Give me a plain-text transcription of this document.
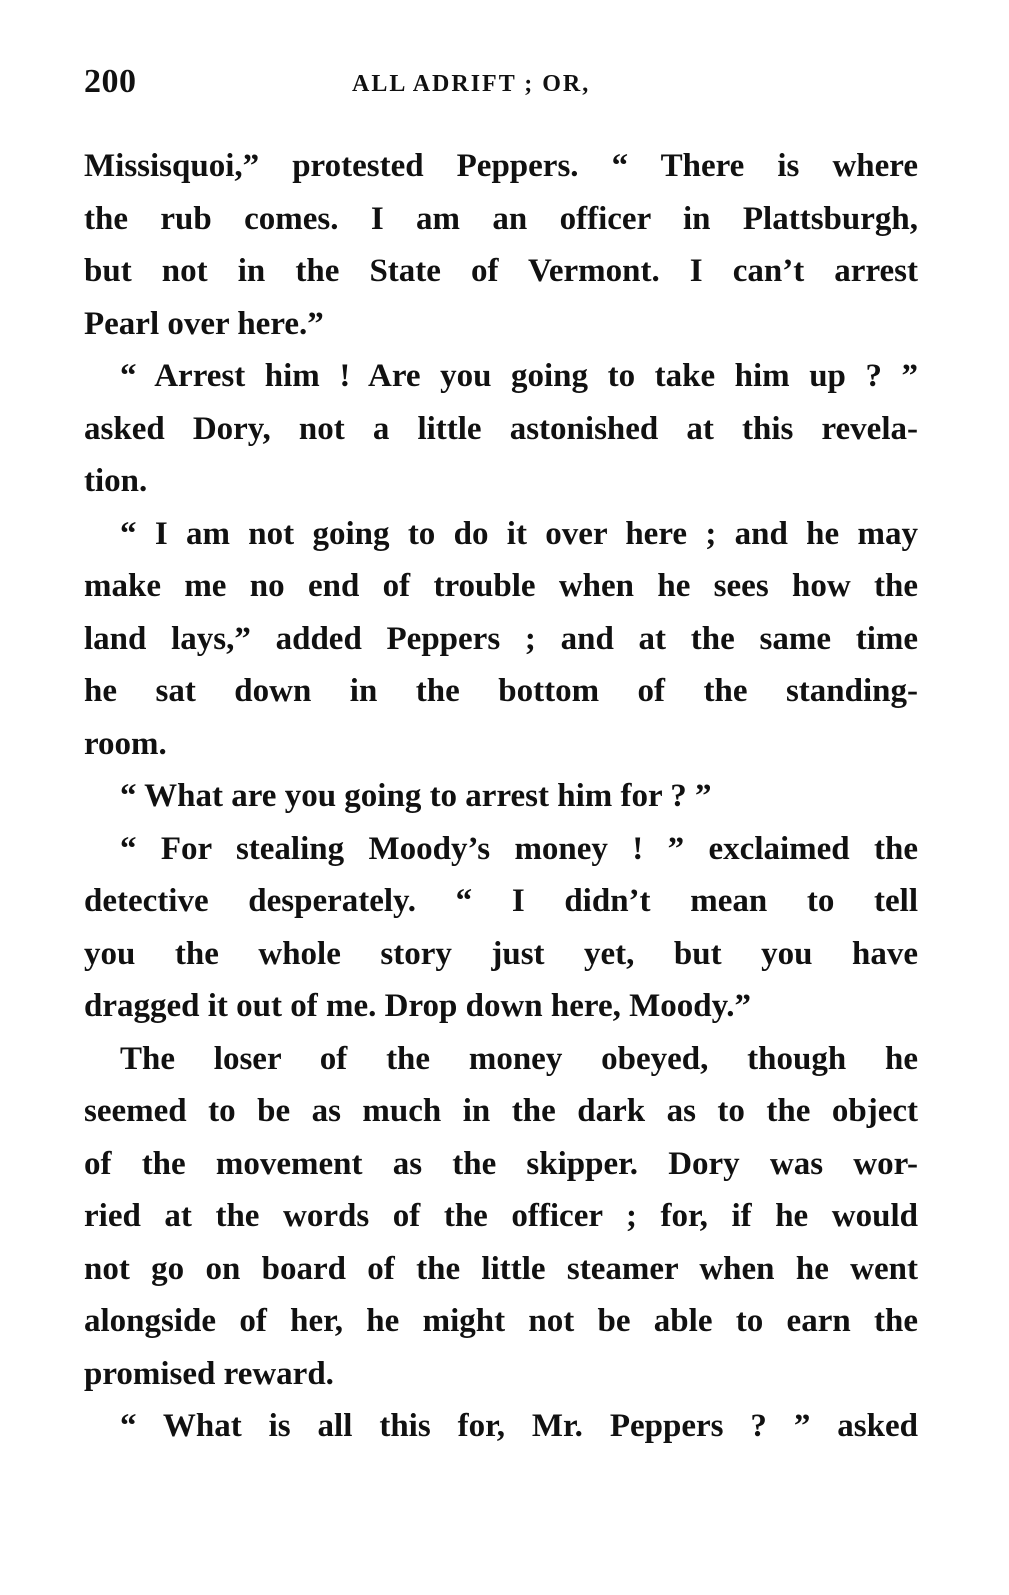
200	ALL ADRIFT ; OR,
Missisquoi,” protested Peppers. “ There is where
the rub comes. I am an officer in Plattsburgh,
but not in the State of Vermont. I can’t arrest
Pearl over here.”
“ Arrest him ! Are you going to take him up ? ”
asked Dory, not a little astonished at this revela-
tion.
“ I am not going to do it over here ; and he may
make me no end of trouble when he sees how the
land lays,” added Peppers ; and at the same time
he sat down in the bottom of the standing-
room.
“ What are you going to arrest him for ? ”
“ For stealing Moody’s money ! ” exclaimed the
detective desperately. “ I didn’t mean to tell
you the whole story just yet, but you have
dragged it out of me. Drop down here, Moody.”
The loser of the money obeyed, though he
seemed to be as much in the dark as to the object
of the movement as the skipper. Dory was wor-
ried at the words of the officer ; for, if he would
not go on board of the little steamer when he went
alongside of her, he might not be able to earn the
promised reward.
“ What is all this for, Mr. Peppers ? ” asked
